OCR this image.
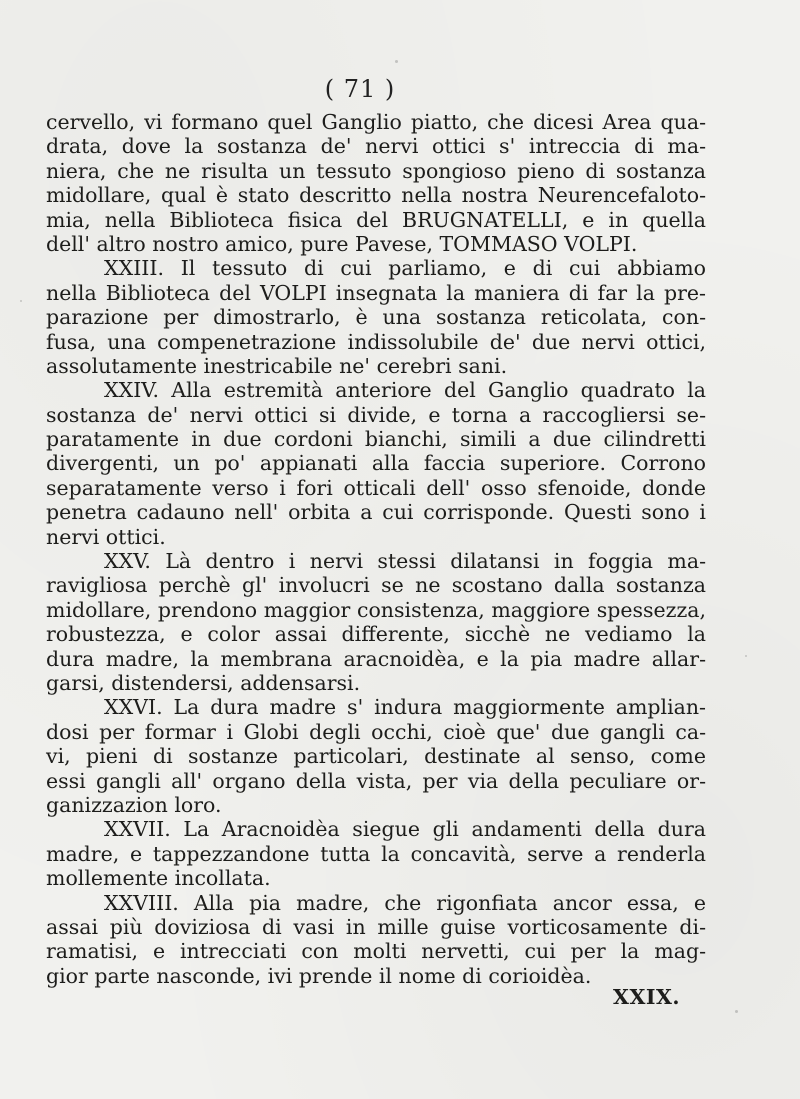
( 71 )
cervello, vi formano quel Ganglio piatto, che dicesi Area qua-
drata, dove la sostanza de' nervi ottici s' intreccia di ma-
niera, che ne risulta un tessuto spongioso pieno di sostanza
midollare, qual è stato descritto nella nostra Neurencefaloto-
mia, nella Biblioteca fisica del BRUGNATELLI, e in quella
dell' altro nostro amico, pure Pavese, TOMMASO VOLPI.
XXIII. Il tessuto di cui parliamo, e di cui abbiamo
nella Biblioteca del VOLPI insegnata la maniera di far la pre-
parazione per dimostrarlo, è una sostanza reticolata, con-
fusa, una compenetrazione indissolubile de' due nervi ottici,
assolutamente inestricabile ne' cerebri sani.
XXIV. Alla estremità anteriore del Ganglio quadrato la
sostanza de' nervi ottici si divide, e torna a raccogliersi se-
paratamente in due cordoni bianchi, simili a due cilindretti
divergenti, un po' appianati alla faccia superiore. Corrono
separatamente verso i fori otticali dell' osso sfenoide, donde
penetra cadauno nell' orbita a cui corrisponde. Questi sono i
nervi ottici.
XXV. Là dentro i nervi stessi dilatansi in foggia ma-
ravigliosa perchè gl' involucri se ne scostano dalla sostanza
midollare, prendono maggior consistenza, maggiore spessezza,
robustezza, e color assai differente, sicchè ne vediamo la
dura madre, la membrana aracnoidèa, e la pia madre allar-
garsi, distendersi, addensarsi.
XXVI. La dura madre s' indura maggiormente amplian-
dosi per formar i Globi degli occhi, cioè que' due gangli ca-
vi, pieni di sostanze particolari, destinate al senso, come
essi gangli all' organo della vista, per via della peculiare or-
ganizzazion loro.
XXVII. La Aracnoidèa siegue gli andamenti della dura
madre, e tappezzandone tutta la concavità, serve a renderla
mollemente incollata.
XXVIII. Alla pia madre, che rigonfiata ancor essa, e
assai più doviziosa di vasi in mille guise vorticosamente di-
ramatisi, e intrecciati con molti nervetti, cui per la mag-
gior parte nasconde, ivi prende il nome di corioidèa.
XXIX.
